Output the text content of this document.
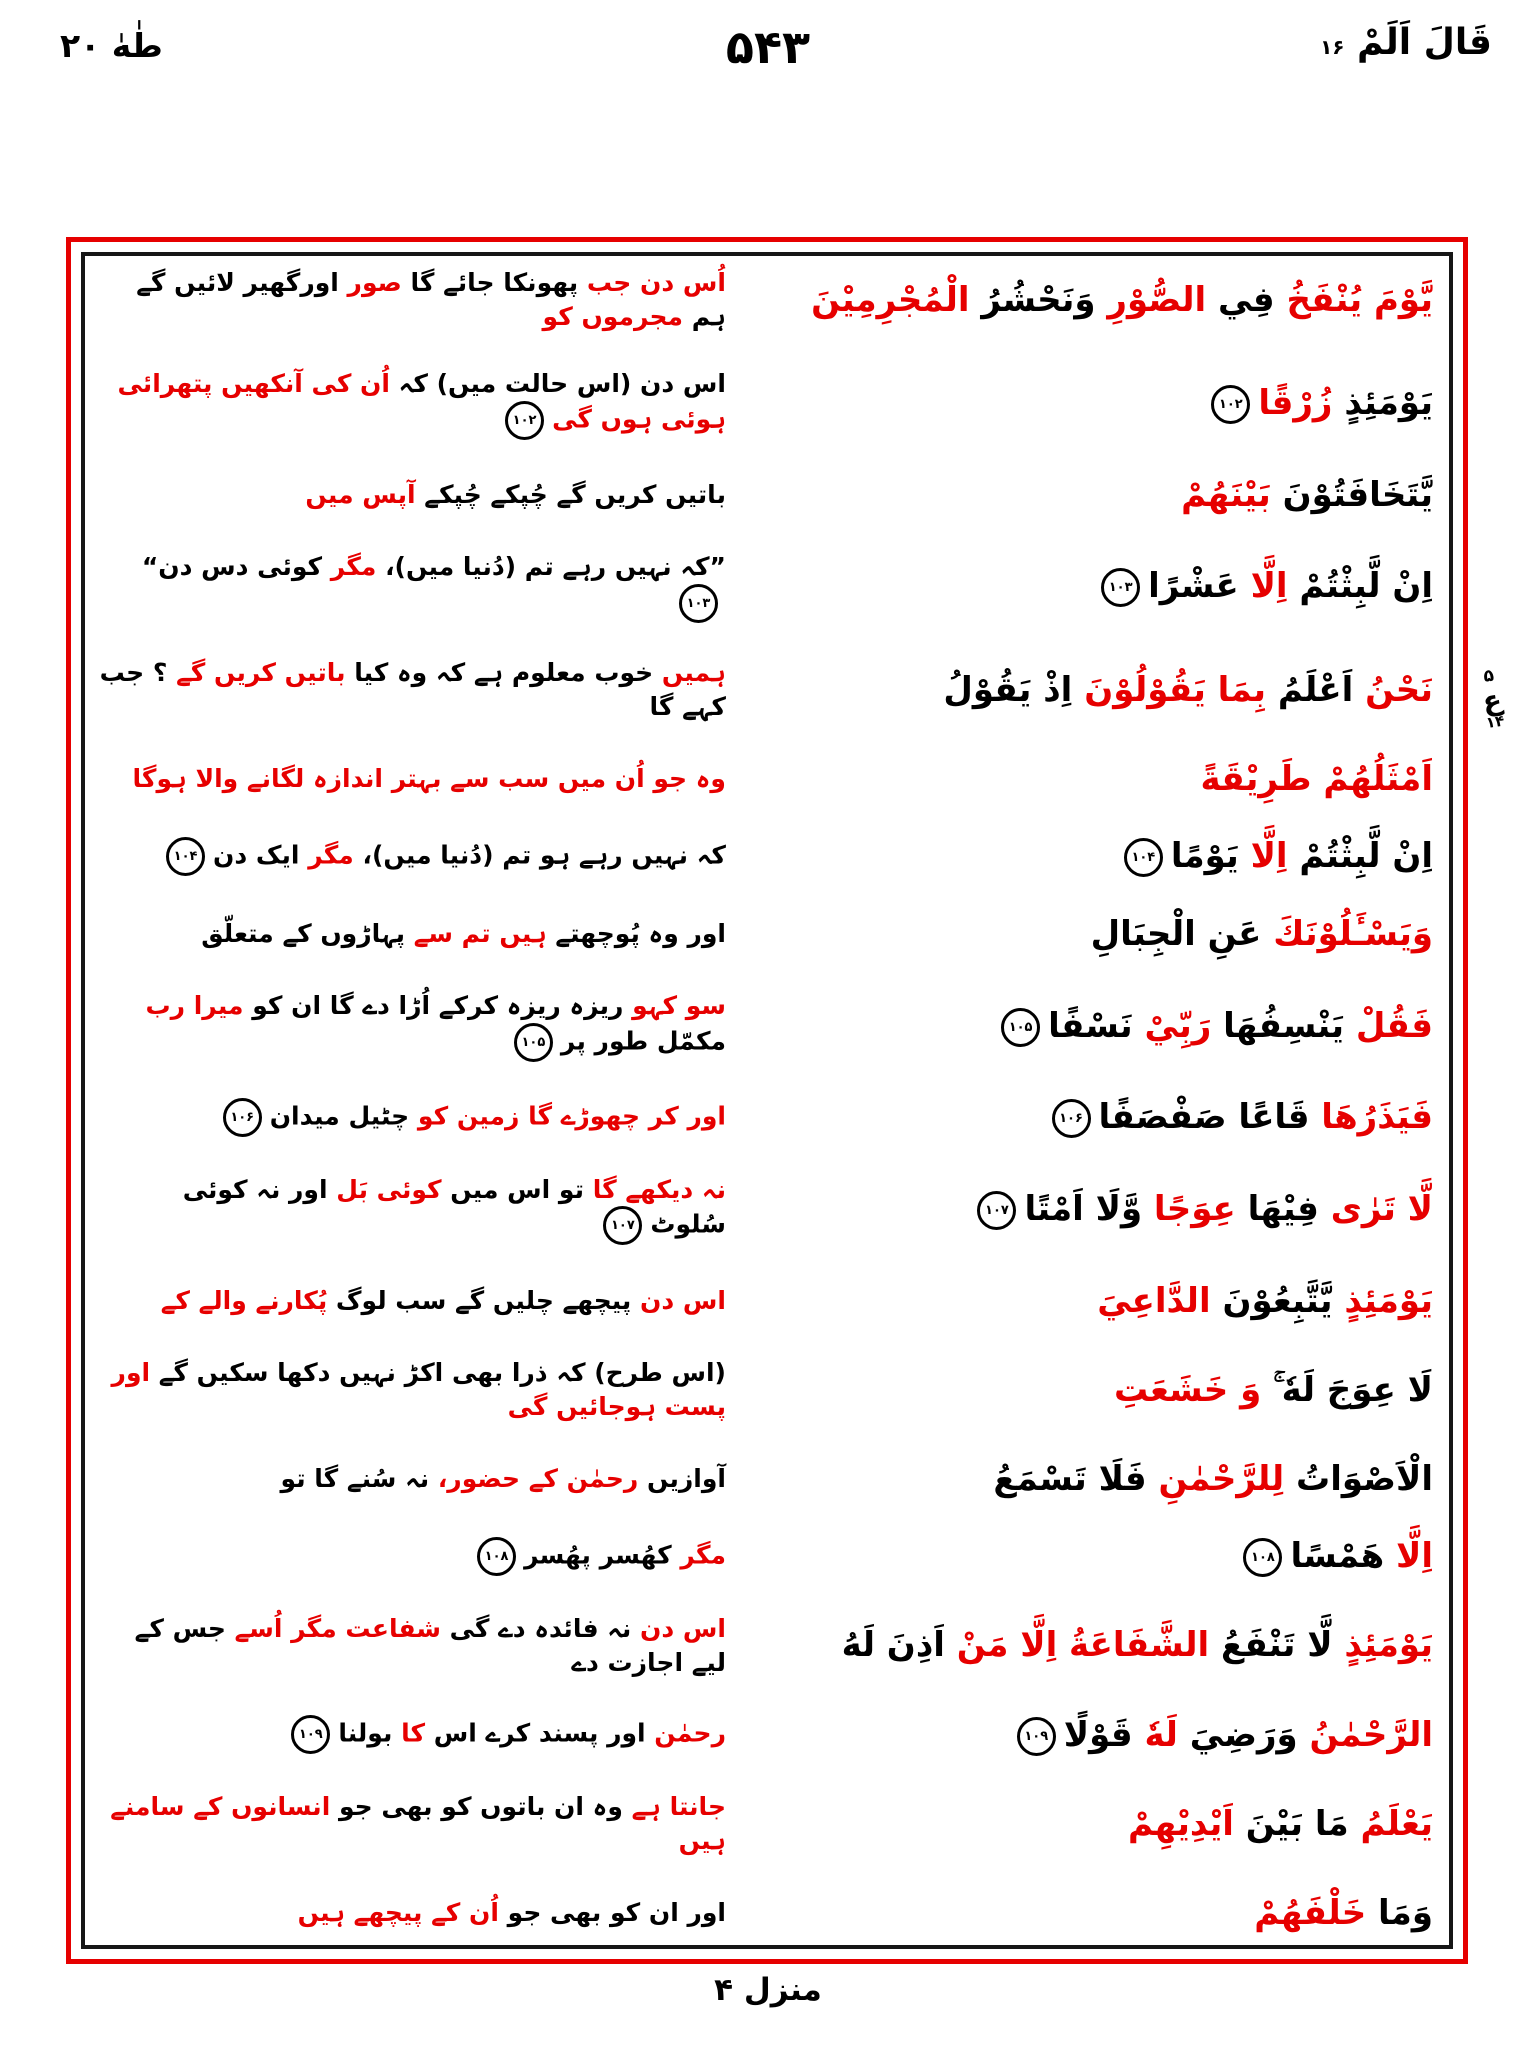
طٰهٰ ۲۰	۵۴۳	قَالَ اَلَمْ ۱۶
يَّوْمَ يُنْفَخُ فِي الصُّوْرِ وَنَحْشُرُ الْمُجْرِمِيْنَ
اُس دن جب پھونکا جائے گا صور اورگھیر لائیں گے ہم مجرموں کو
يَوْمَئِذٍ زُرْقًا۱۰۲
اس دن (اس حالت میں) کہ اُن کی آنکھیں پتھرائی ہوئی ہوں گی۱۰۲
يَّتَخَافَتُوْنَ بَيْنَهُمْ
باتیں کریں گے چُپکے چُپکے آپس میں
اِنْ لَّبِثْتُمْ اِلَّا عَشْرًا۱۰۳
”کہ نہیں رہے تم (دُنیا میں)، مگر کوئی دس دن“۱۰۳
نَحْنُ اَعْلَمُ بِمَا يَقُوْلُوْنَ اِذْ يَقُوْلُ
ہمیں خوب معلوم ہے کہ وہ کیا باتیں کریں گے ؟ جب کہے گا
اَمْثَلُهُمْ طَرِيْقَةً
وہ جو اُن میں سب سے بہتر اندازہ لگانے والا ہوگا
اِنْ لَّبِثْتُمْ اِلَّا يَوْمًا۱۰۴
کہ نہیں رہے ہو تم (دُنیا میں)، مگر ایک دن۱۰۴
وَيَسْـَٔلُوْنَكَ عَنِ الْجِبَالِ
اور وہ پُوچھتے ہیں تم سے پہاڑوں کے متعلّق
فَقُلْ يَنْسِفُهَا رَبِّيْ نَسْفًا۱۰۵
سو کہو ریزہ ریزہ کرکے اُڑا دے گا ان کو میرا رب مکمّل طور پر۱۰۵
فَيَذَرُهَا قَاعًا صَفْصَفًا۱۰۶
اور کر چھوڑے گا زمین کو چٹیل میدان۱۰۶
لَّا تَرٰى فِيْهَا عِوَجًا وَّلَا اَمْتًا۱۰۷
نہ دیکھے گا تو اس میں کوئی بَل اور نہ کوئی سُلوٹ۱۰۷
يَوْمَئِذٍ يَّتَّبِعُوْنَ الدَّاعِيَ
اس دن پیچھے چلیں گے سب لوگ پُکارنے والے کے
لَا عِوَجَ لَهٗ ۚ وَ خَشَعَتِ
(اس طرح) کہ ذرا بھی اکڑ نہیں دکھا سکیں گے اور پست ہوجائیں گی
الْاَصْوَاتُ لِلرَّحْمٰنِ فَلَا تَسْمَعُ
آوازیں رحمٰن کے حضور، نہ سُنے گا تو
اِلَّا هَمْسًا۱۰۸
مگر کھُسر پھُسر۱۰۸
يَوْمَئِذٍ لَّا تَنْفَعُ الشَّفَاعَةُ اِلَّا مَنْ اَذِنَ لَهُ
اس دن نہ فائدہ دے گی شفاعت مگر اُسے جس کے لیے اجازت دے
الرَّحْمٰنُ وَرَضِيَ لَهٗ قَوْلًا۱۰۹
رحمٰن اور پسند کرے اس کا بولنا۱۰۹
يَعْلَمُ مَا بَيْنَ اَيْدِيْهِمْ
جانتا ہے وہ ان باتوں کو بھی جو انسانوں کے سامنے ہیں
وَمَا خَلْفَهُمْ
اور ان کو بھی جو اُن کے پیچھے ہیں
۵
ع
۱۴
منزل ۴
